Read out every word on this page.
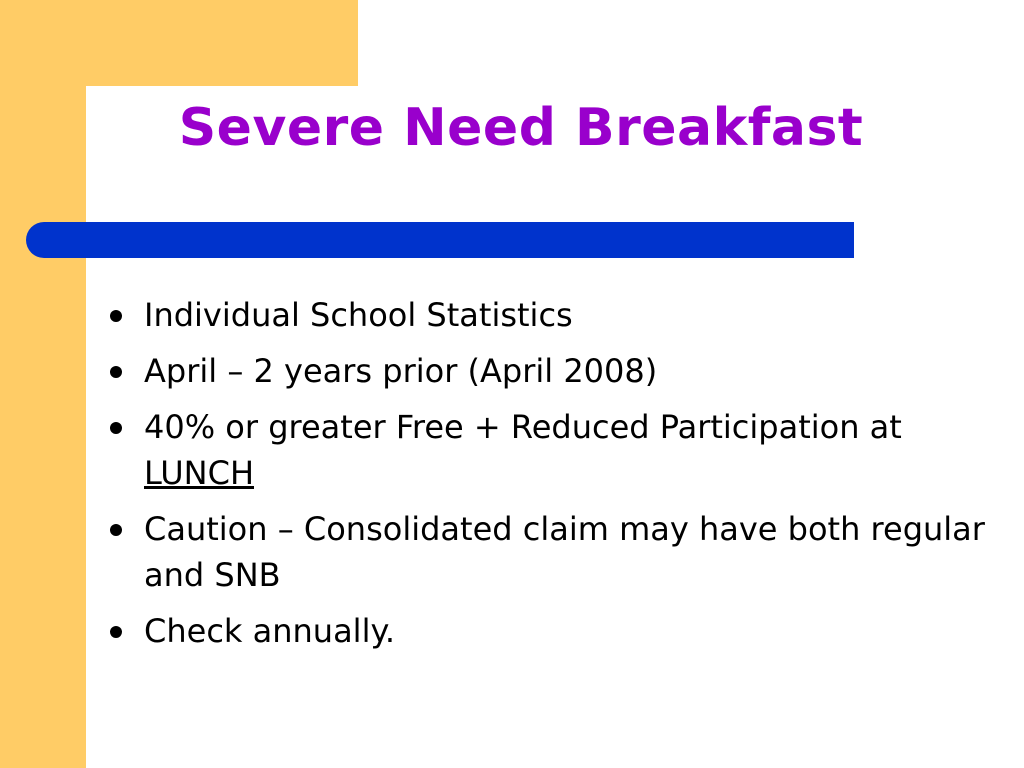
Severe Need Breakfast
Individual School Statistics
April – 2 years prior (April 2008)
40% or greater Free + Reduced Participation at LUNCH
Caution – Consolidated claim may have both regular and SNB
Check annually.
